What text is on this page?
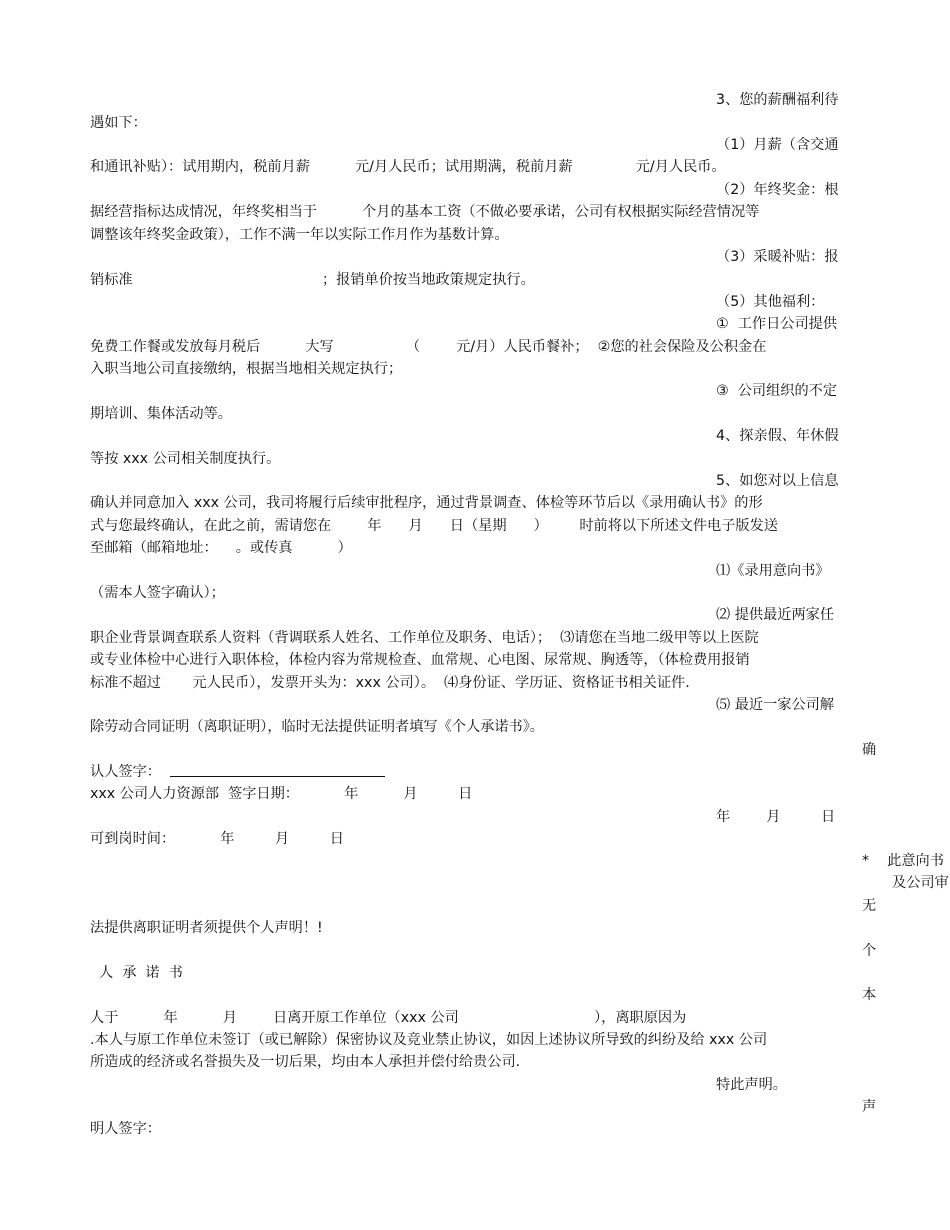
3、您的薪酬福利待
遇如下：
（1）月薪（含交通
和通讯补贴）：试用期内，税前月薪          元/月人民币；试用期满，税前月薪              元/月人民币。
（2）年终奖金：根
据经营指标达成情况，年终奖相当于          个月的基本工资（不做必要承诺，公司有权根据实际经营情况等
调整该年终奖金政策），工作不满一年以实际工作月作为基数计算。
（3）采暖补贴：报
销标准                                          ；报销单价按当地政策规定执行。
（5）其他福利：
①  工作日公司提供
免费工作餐或发放每月税后          大写                （        元/月）人民币餐补；  ②您的社会保险及公积金在
入职当地公司直接缴纳，根据当地相关规定执行；
③  公司组织的不定
期培训、集体活动等。
4、探亲假、年休假
等按 xxx 公司相关制度执行。
5、如您对以上信息
确认并同意加入 xxx 公司，我司将履行后续审批程序，通过背景调查、体检等环节后以《录用确认书》的形
式与您最终确认，在此之前，需请您在        年      月      日（星期      ）       时前将以下所述文件电子版发送
至邮箱（邮箱地址：    。或传真          ）
⑴《录用意向书》
（需本人签字确认）；
⑵ 提供最近两家任
职企业背景调查联系人资料（背调联系人姓名、工作单位及职务、电话）；  ⑶请您在当地二级甲等以上医院
或专业体检中心进行入职体检，体检内容为常规检查、血常规、心电图、尿常规、胸透等，（体检费用报销
标准不超过       元人民币），发票开头为：xxx 公司）。  ⑷身份证、学历证、资格证书相关证件.
⑸ 最近一家公司解
除劳动合同证明（离职证明），临时无法提供证明者填写《个人承诺书》。
确
认人签字：
xxx 公司人力资源部  签字日期：          年          月         日
年        月         日
可到岗时间：          年         月         日
*    此意向书
及公司审
无
法提供离职证明者须提供个人声明！!
个
人  承  诺  书
本
人于          年          月        日离开原工作单位（xxx 公司                              ），离职原因为
.本人与原工作单位未签订（或已解除）保密协议及竞业禁止协议，如因上述协议所导致的纠纷及给 xxx 公司
所造成的经济或名誉损失及一切后果，均由本人承担并偿付给贵公司.
特此声明。
声
明人签字：
